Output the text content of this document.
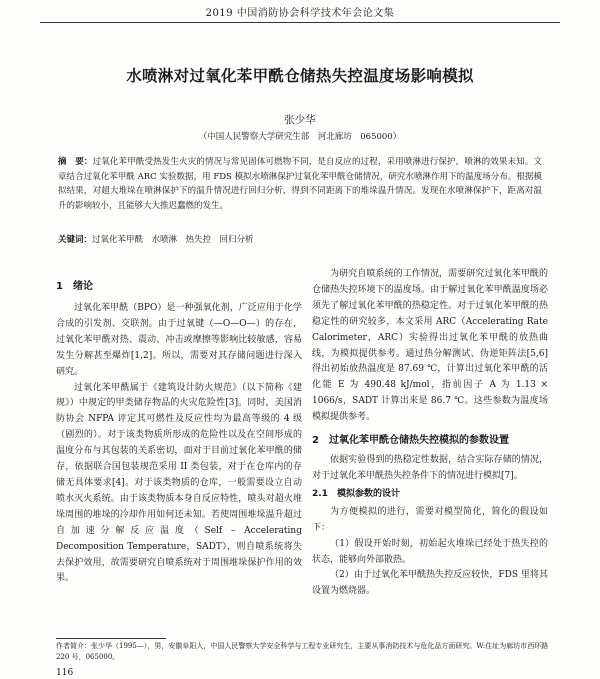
2019 中国消防协会科学技术年会论文集
水喷淋对过氧化苯甲酰仓储热失控温度场影响模拟
张少华
（中国人民警察大学研究生部　河北廊坊　065000）
摘　要：过氧化苯甲酰受热发生火灾的情况与常见固体可燃物不同，是自反应的过程，采用喷淋进行保护，喷淋的效果未知。文章结合过氧化苯甲酰 ARC 实验数据，用 FDS 模拟水喷淋保护过氧化苯甲酰仓储情况，研究水喷淋作用下的温度场分布。根据模拟结果，对超大堆垛在喷淋保护下的温升情况进行回归分析，得到不同距离下的堆垛温升情况。发现在水喷淋保护下，距离对温升的影响较小，且能够大大推迟蠢燃的发生。
关键词：过氧化苯甲酰　水喷淋　热失控　回归分析
1　绪论

过氧化苯甲酰（BPO）是一种强氧化剂，广泛应用于化学合成的引发剂、交联剂。由于过氧键（—O—O—）的存在，过氧化苯甲酰对热、震动、冲击或摩擦等影响比较敏感，容易发生分解甚至爆炸[1,2]。所以，需要对其存储问题进行深入研究。

过氧化苯甲酰属于《建筑设计防火规范》（以下简称《建规》）中规定的甲类储存物品的火灾危险性[3]。同时，美国消防协会 NFPA 评定其可燃性及反应性均为最高等级的 4 级（剧烈的）。对于该类物质所形成的危险性以及在空间形成的温度分布与其包装的关系密切，面对于目前过氧化苯甲酰的储存，依据联合国包装规范采用 II 类包装，对于在仓库内的存储无具体要求[4]。对于该类物质的仓库，一般需要设立自动喷水灭火系统。由于该类物质本身自反应特性，喷头对超火堆垛周围的堆垛的冷却作用如何还未知。若使周围堆垛温升超过自加速分解反应温度（Self – Accelerating Decomposition Temperature，SADT），则自喷系统将失去保护效用，故需要研究自喷系统对于周围堆垛保护作用的效果。

为研究自喷系统的工作情况，需要研究过氧化苯甲酰的仓储热失控环境下的温度场。由于解过氧化苯甲酰温度场必须先了解过氧化苯甲酰的热稳定性。对于过氧化苯甲酰的热稳定性的研究较多，本文采用 ARC（Accelerating Rate Calorimeter，ARC）实验得出过氧化苯甲酰的放热曲线，为模拟提供参考。通过热分解测试、伪逆矩阵法[5,6]得出初始放热温度是 87.69 ℃，计算出过氧化苯甲酰的活化能 E 为 490.48 kJ/mol，指前因子 A 为 1.13 × 1066/s，SADT 计算出来是 86.7 ℃。这些参数为温度场模拟提供参考。

2　过氧化苯甲酰仓储热失控模拟的参数设置

依据实验得到的热稳定性数据，结合实际存储的情况，对于过氧化苯甲酰热失控条件下的情况进行模拟[7]。

2.1　模拟参数的设计

为方便模拟的进行，需要对模型简化，简化的假设如下：

（1）假设开始时刻，初始起火堆垛已经处于热失控的状态，能够向外部散热。

（2）由于过氧化苯甲酰热失控反应较快，FDS 里将其设置为燃烧器。

作者简介：张少华（1995—），男，安徽阜阳人，中国人民警察大学安全科学与工程专业研究生，主要从事消防技术与危化品方面研究。W:住址为廊坊市西环路 220 号，065000。
116
